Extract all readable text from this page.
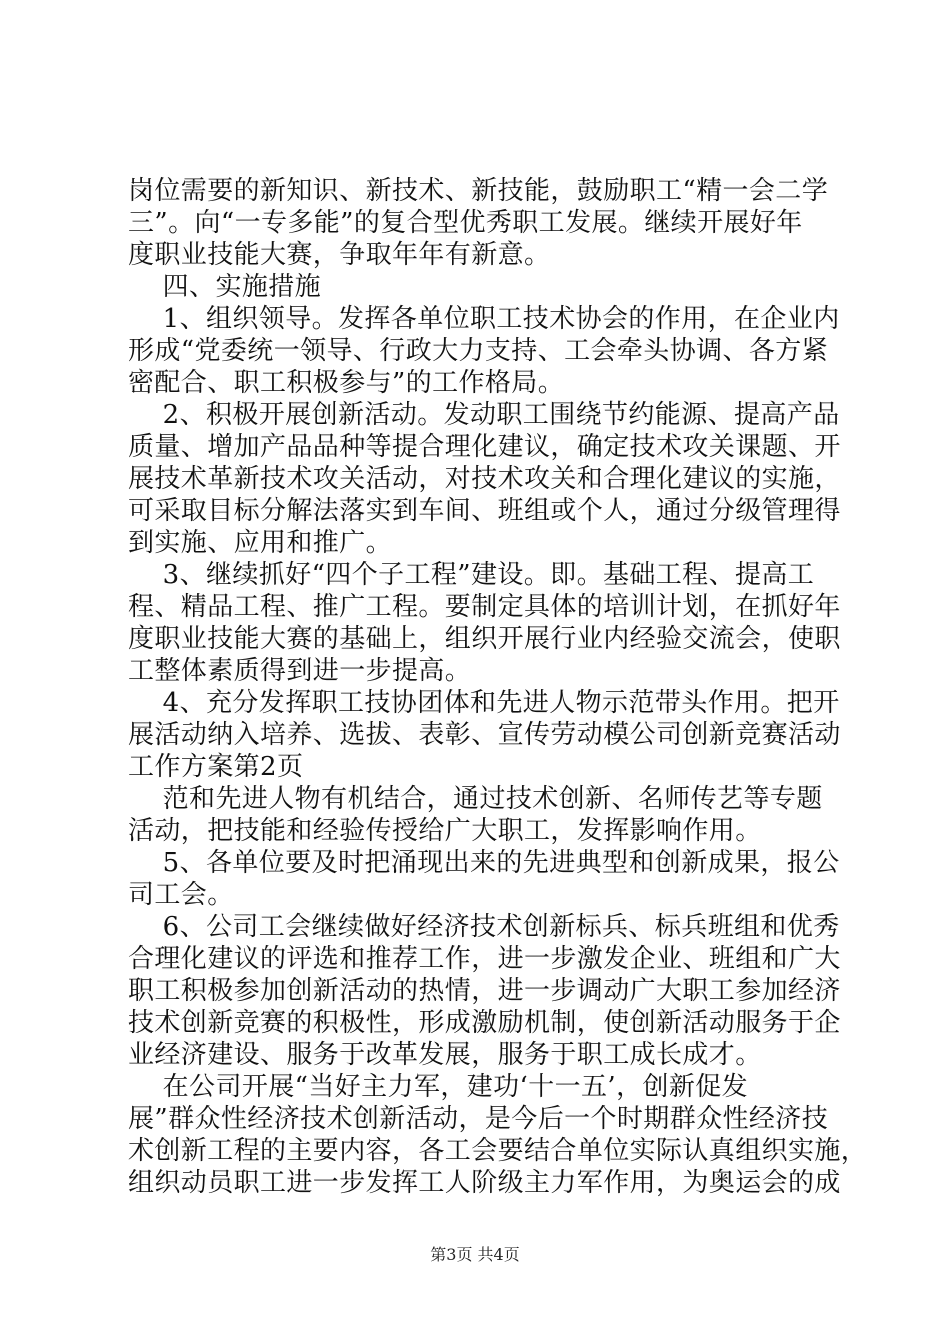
岗位需要的新知识、新技术、新技能，鼓励职工“精一会二学
三”。向“一专多能”的复合型优秀职工发展。继续开展好年
度职业技能大赛，争取年年有新意。
四、实施措施
1、组织领导。发挥各单位职工技术协会的作用，在企业内
形成“党委统一领导、行政大力支持、工会牵头协调、各方紧
密配合、职工积极参与”的工作格局。
2、积极开展创新活动。发动职工围绕节约能源、提高产品
质量、增加产品品种等提合理化建议，确定技术攻关课题、开
展技术革新技术攻关活动，对技术攻关和合理化建议的实施，
可采取目标分解法落实到车间、班组或个人，通过分级管理得
到实施、应用和推广。
3、继续抓好“四个子工程”建设。即。基础工程、提高工
程、精品工程、推广工程。要制定具体的培训计划，在抓好年
度职业技能大赛的基础上，组织开展行业内经验交流会，使职
工整体素质得到进一步提高。
4、充分发挥职工技协团体和先进人物示范带头作用。把开
展活动纳入培养、选拔、表彰、宣传劳动模公司创新竞赛活动
工作方案第2页
范和先进人物有机结合，通过技术创新、名师传艺等专题
活动，把技能和经验传授给广大职工，发挥影响作用。
5、各单位要及时把涌现出来的先进典型和创新成果，报公
司工会。
6、公司工会继续做好经济技术创新标兵、标兵班组和优秀
合理化建议的评选和推荐工作，进一步激发企业、班组和广大
职工积极参加创新活动的热情，进一步调动广大职工参加经济
技术创新竞赛的积极性，形成激励机制，使创新活动服务于企
业经济建设、服务于改革发展，服务于职工成长成才。
在公司开展“当好主力军，建功‘十一五’，创新促发
展”群众性经济技术创新活动，是今后一个时期群众性经济技
术创新工程的主要内容，各工会要结合单位实际认真组织实施，
组织动员职工进一步发挥工人阶级主力军作用，为奥运会的成
第3页 共4页
